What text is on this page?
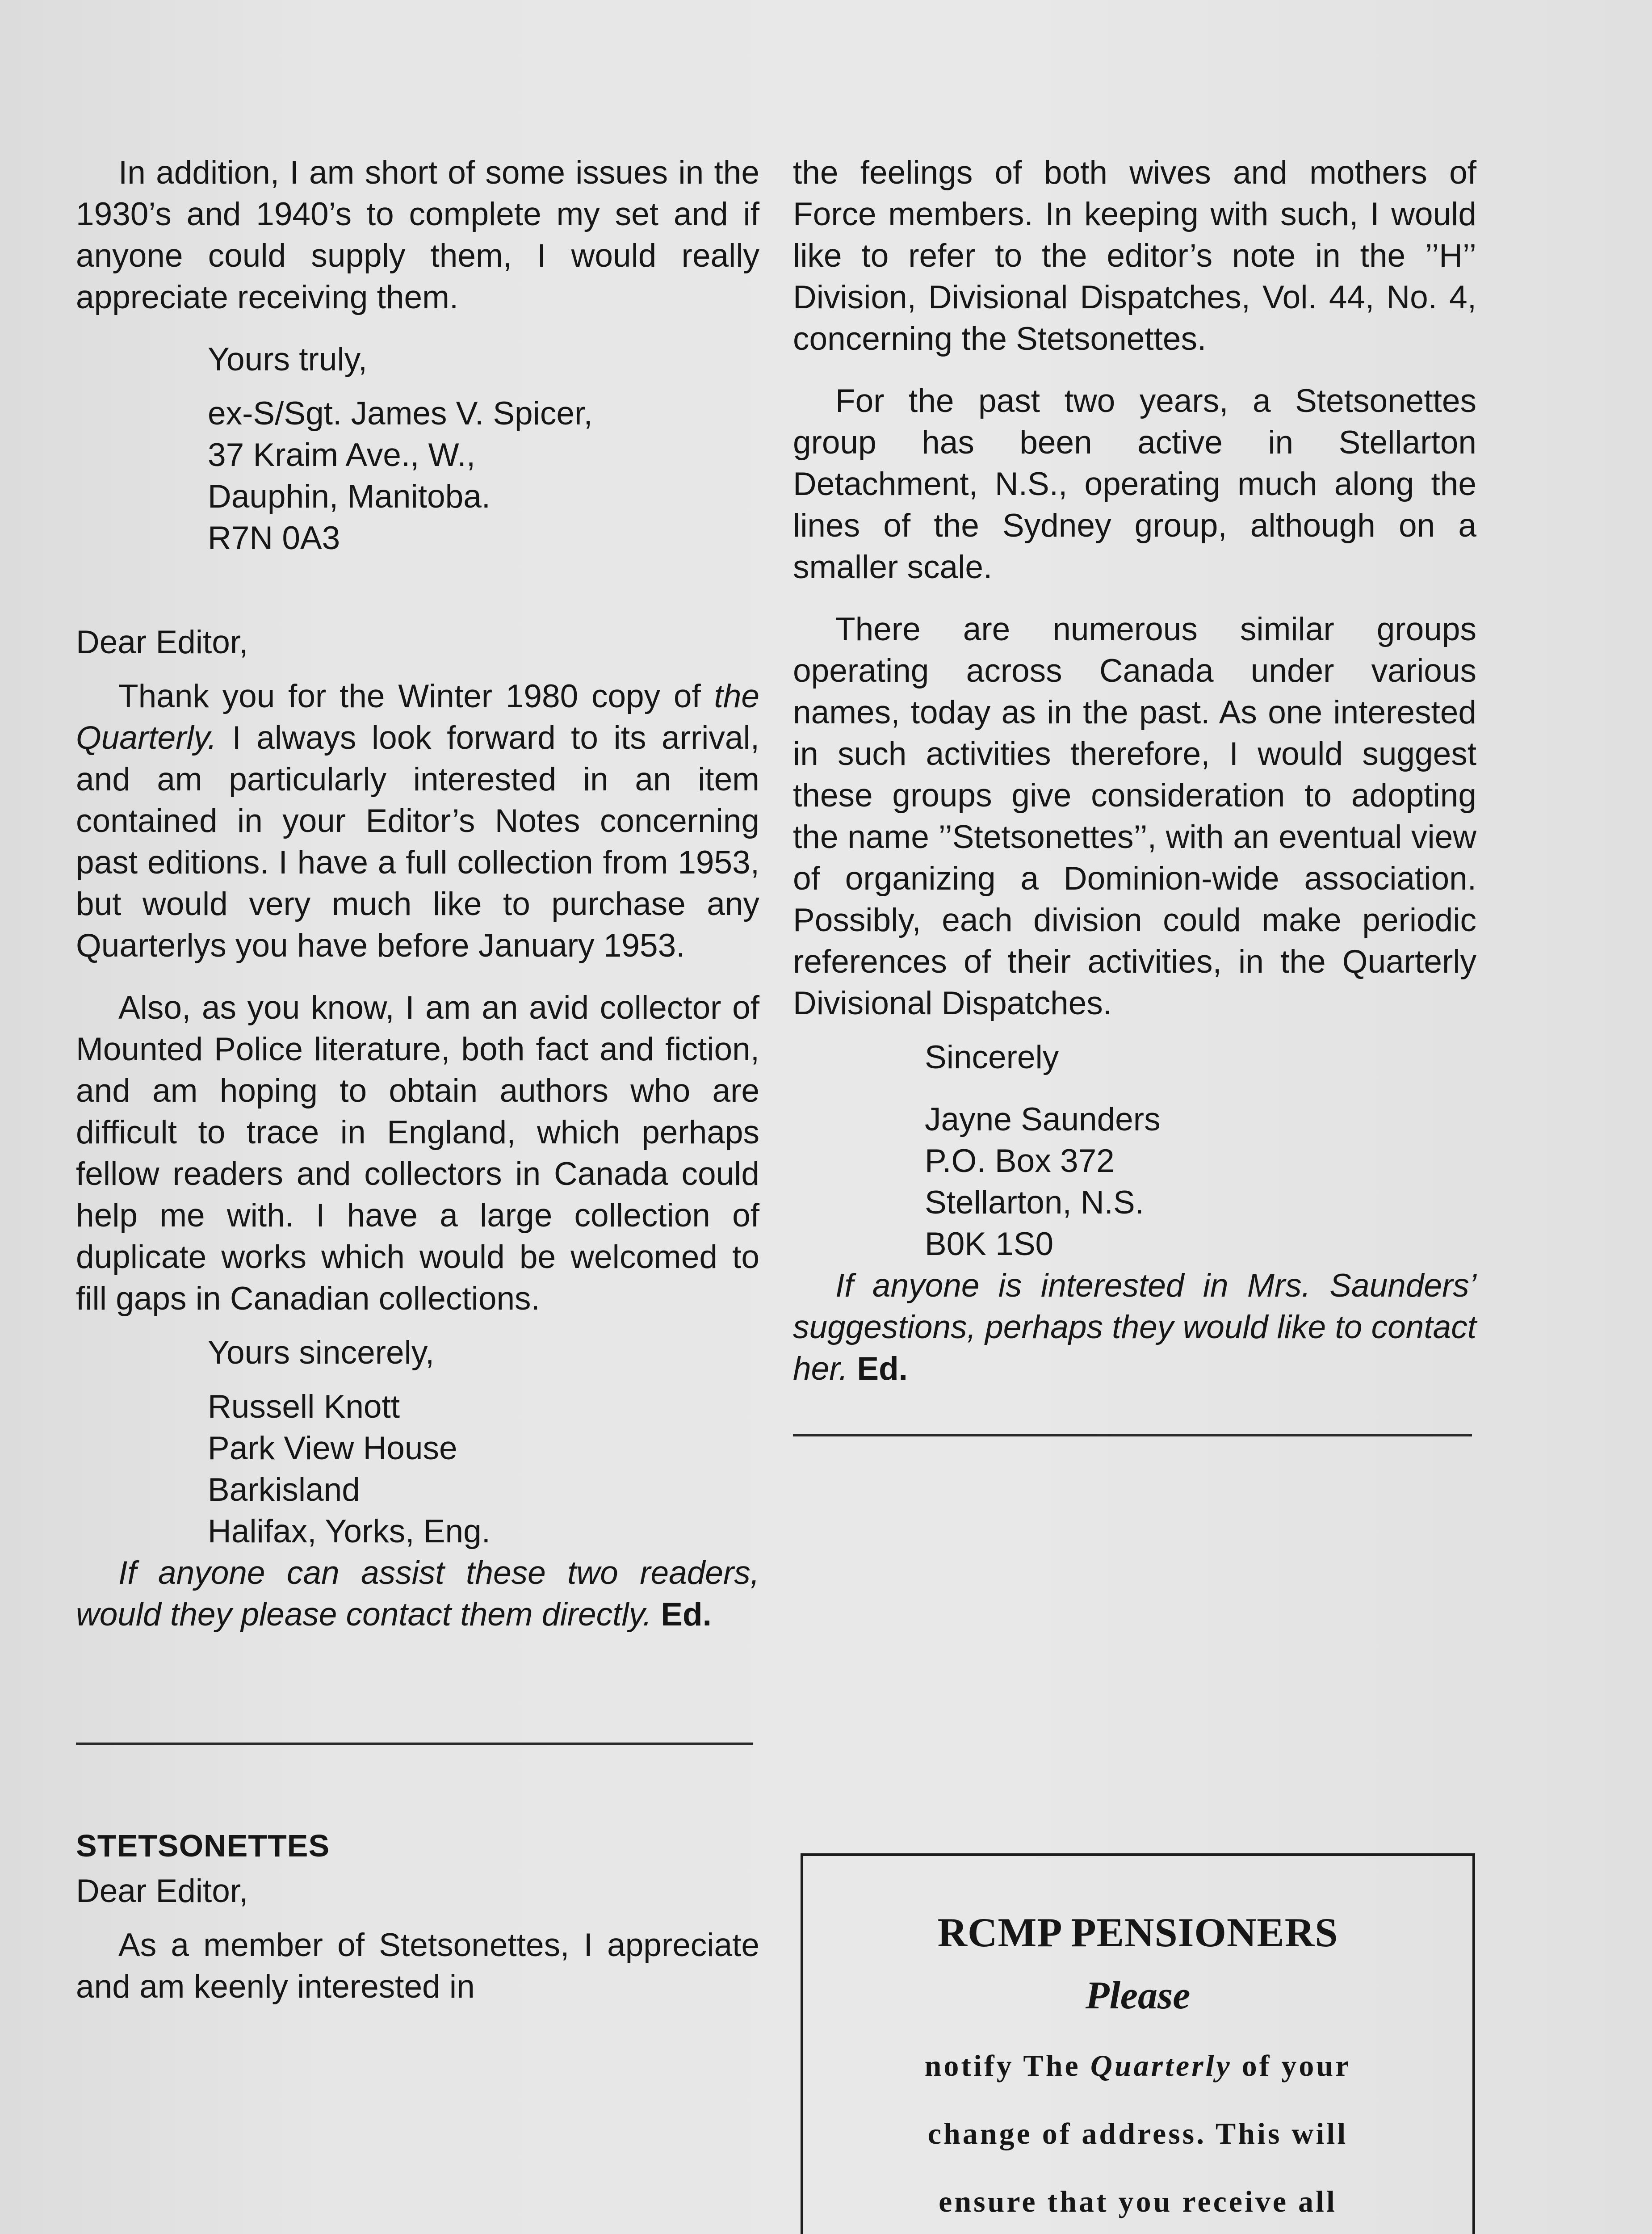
In addition, I am short of some issues in the 1930’s and 1940’s to complete my set and if anyone could supply them, I would really appreciate receiving them.

Yours truly,

ex-S/Sgt. James V. Spicer,
37 Kraim Ave., W.,
Dauphin, Manitoba.
R7N 0A3

Dear Editor,

Thank you for the Winter 1980 copy of the Quarterly. I always look forward to its arrival, and am particularly interested in an item contained in your Editor’s Notes concerning past editions. I have a full collection from 1953, but would very much like to purchase any Quarterlys you have before January 1953.

Also, as you know, I am an avid collector of Mounted Police literature, both fact and fiction, and am hoping to obtain authors who are difficult to trace in England, which perhaps fellow readers and collectors in Canada could help me with. I have a large collection of duplicate works which would be welcomed to fill gaps in Canadian collections.

Yours sincerely,

Russell Knott
Park View House
Barkisland
Halifax, Yorks, Eng.

If anyone can assist these two readers, would they please contact them directly. Ed.

STETSONETTES

Dear Editor,

As a member of Stetsonettes, I appreciate and am keenly interested in

the feelings of both wives and mothers of Force members. In keeping with such, I would like to refer to the editor’s note in the ’’H’’ Division, Divisional Dispatches, Vol. 44, No. 4, concerning the Stetsonettes.

For the past two years, a Stetsonettes group has been active in Stellarton Detachment, N.S., operating much along the lines of the Sydney group, although on a smaller scale.

There are numerous similar groups operating across Canada under various names, today as in the past. As one interested in such activities therefore, I would suggest these groups give consideration to adopting the name ’’Stetsonettes’’, with an eventual view of organizing a Dominion-wide association. Possibly, each division could make periodic references of their activities, in the Quarterly Divisional Dispatches.

Sincerely

Jayne Saunders
P.O. Box 372
Stellarton, N.S.
B0K 1S0

If anyone is interested in Mrs. Saunders’ suggestions, perhaps they would like to contact her. Ed.

RCMP PENSIONERS
Please
notify The Quarterly of your
change of address. This will
ensure that you receive all
